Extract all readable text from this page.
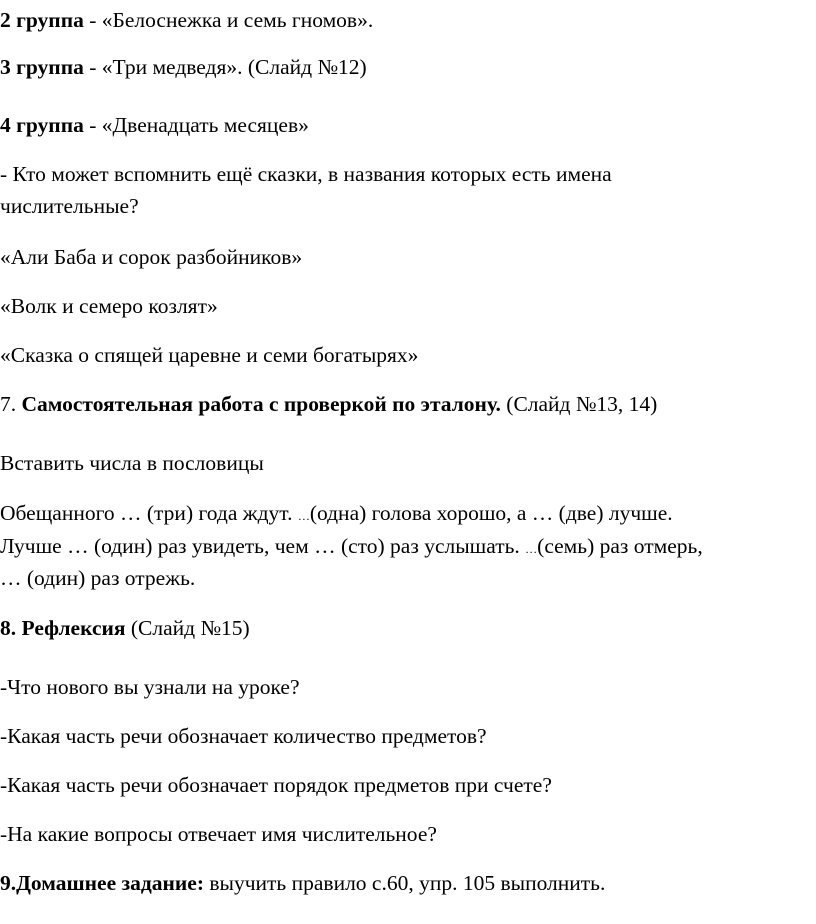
2 группа - «Белоснежка и семь гномов».
3 группа - «Три медведя». (Слайд №12)
4 группа - «Двенадцать месяцев»
- Кто может вспомнить ещё сказки, в названия которых есть имена
числительные?
«Али Баба и сорок разбойников»
«Волк и семеро козлят»
«Сказка о спящей царевне и семи богатырях»
7. Самостоятельная работа с проверкой по эталону. (Слайд №13, 14)
Вставить числа в пословицы
Обещанного … (три) года ждут. …(одна) голова хорошо, а … (две) лучше.
Лучше … (один) раз увидеть, чем … (сто) раз услышать. …(семь) раз отмерь,
… (один) раз отрежь.
8. Рефлексия (Слайд №15)
-Что нового вы узнали на уроке?
-Какая часть речи обозначает количество предметов?
-Какая часть речи обозначает порядок предметов при счете?
-На какие вопросы отвечает имя числительное?
9.Домашнее задание: выучить правило с.60, упр. 105 выполнить.
